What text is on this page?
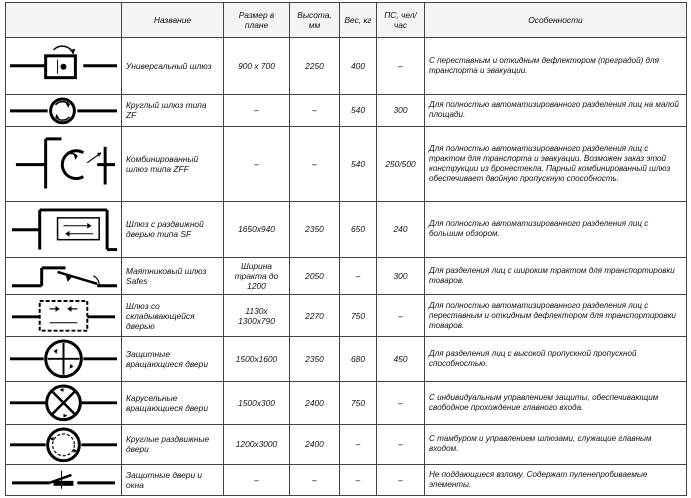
	Название	Размер в плане	Высота, мм	Вес, кг	ПС, чел/час	Особенности

	Универсальный шлюз	900 х 700	2250	400	–	С переставным и откидным дефлектором (преградой) для транспорта и эвакуации.

	Круглый шлюз типа ZF	–	–	540	300	Для полностью автоматизированного разделения лиц на малой площади.

	Комбинированный шлюз типа ZFF	–	–	540	250/500	Для полностью автоматизированного разделения лиц с трактом для транспорта и эвакуации. Возможен заказ этой конструкции из бронестекла. Парный комбинированный шлюз обеспечивает двойную пропускную способность.

	Шлюз с раздвижной дверью типа SF	1650х940	2350	650	240	Для полностью автоматизированного разделения лиц с большим обзором.

	Маятниковый шлюз Safes	Ширина тракта до 1200	2050	–	300	Для разделения лиц с широким трактом для транспортировки товаров.

	Шлюз со складывающейся дверью	1130х 1300х790	2270	750	–	Для полностью автоматизированного разделения лиц с переставным и откидным дефлектором для транспортировки товаров.

	Защитные вращающиеся двери	1500х1600	2350	680	450	Для разделения лиц с высокой пропускной пропускной способностью.

	Карусельные вращающиеся двери	1500х300	2400	750	–	С индивидуальным управлением защиты, обеспечивающим свободное прохождение главного входа.

	Круглые раздвижные двери	1200х3000	2400	–	–	С тамбуром и управлением шлюзами, служащие главным входом.

	Защитные двери и окна	–	–	–	–	Не поддающиеся взлому. Содержат пуленепробиваемые элементы.
